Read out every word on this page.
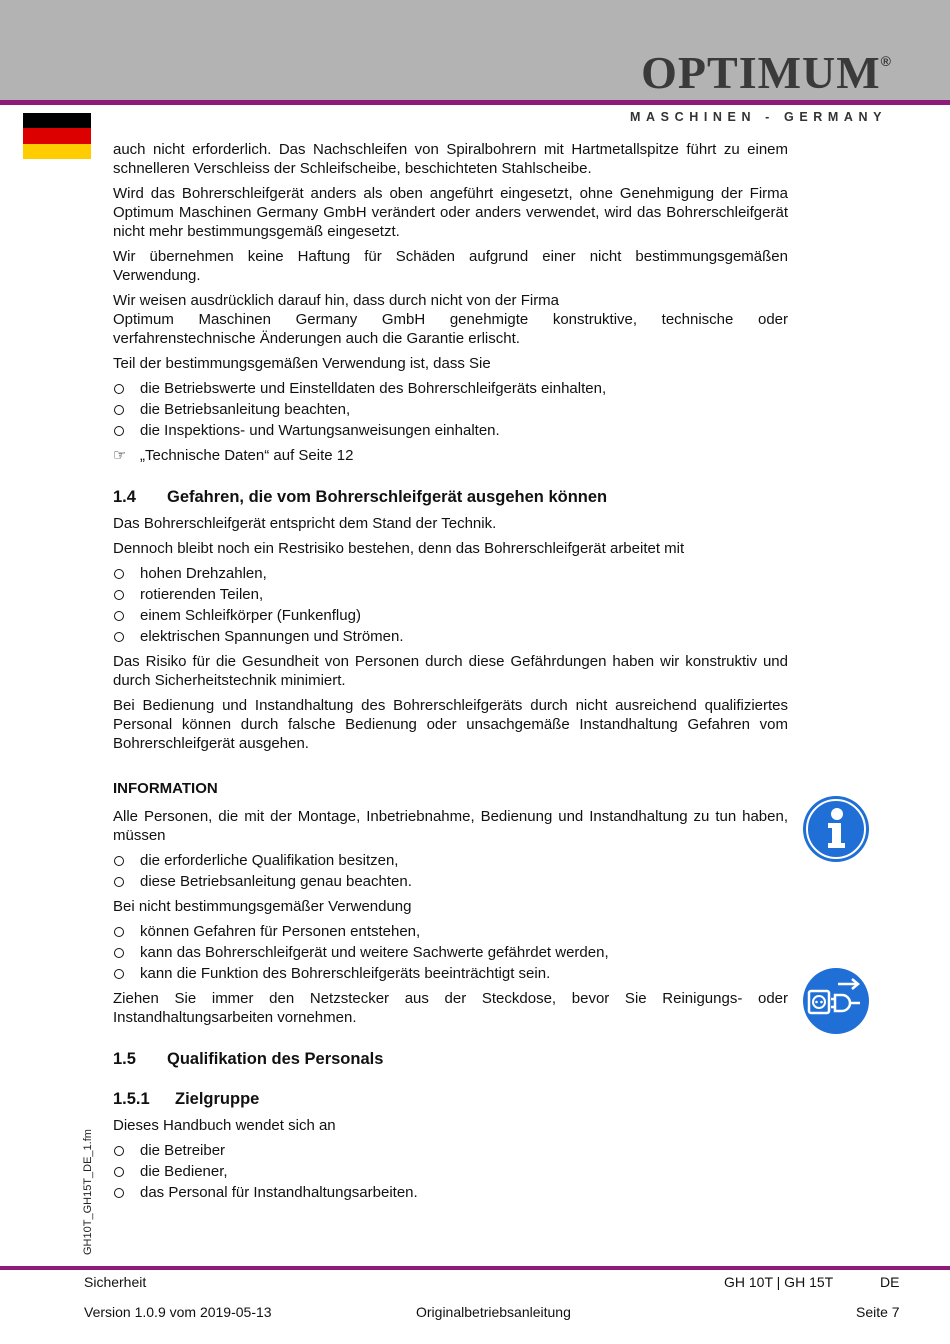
OPTIMUM®
MASCHINEN - GERMANY

auch nicht erforderlich. Das Nachschleifen von Spiralbohrern mit Hartmetallspitze führt zu einem schnelleren Verschleiss der Schleifscheibe, beschichteten Stahlscheibe.

Wird das Bohrerschleifgerät anders als oben angeführt eingesetzt, ohne Genehmigung der Firma Optimum Maschinen Germany GmbH verändert oder anders verwendet, wird das Bohrerschleifgerät nicht mehr bestimmungsgemäß eingesetzt.

Wir übernehmen keine Haftung für Schäden aufgrund einer nicht bestimmungsgemäßen Verwendung.

Wir weisen ausdrücklich darauf hin, dass durch nicht von der Firma

Optimum Maschinen Germany GmbH genehmigte konstruktive, technische oder verfahrenstechnische Änderungen auch die Garantie erlischt.

Teil der bestimmungsgemäßen Verwendung ist, dass Sie

die Betriebswerte und Einstelldaten des Bohrerschleifgeräts einhalten,
die Betriebsanleitung beachten,
die Inspektions- und Wartungsanweisungen einhalten.
☞ „Technische Daten“ auf Seite 12
1.4 Gefahren, die vom Bohrerschleifgerät ausgehen können

Das Bohrerschleifgerät entspricht dem Stand der Technik.

Dennoch bleibt noch ein Restrisiko bestehen, denn das Bohrerschleifgerät arbeitet mit

hohen Drehzahlen,
rotierenden Teilen,
einem Schleifkörper (Funkenflug)
elektrischen Spannungen und Strömen.

Das Risiko für die Gesundheit von Personen durch diese Gefährdungen haben wir konstruktiv und durch Sicherheitstechnik minimiert.

Bei Bedienung und Instandhaltung des Bohrerschleifgeräts durch nicht ausreichend qualifiziertes Personal können durch falsche Bedienung oder unsachgemäße Instandhaltung Gefahren vom Bohrerschleifgerät ausgehen.

INFORMATION

Alle Personen, die mit der Montage, Inbetriebnahme, Bedienung und Instandhaltung zu tun haben, müssen

die erforderliche Qualifikation besitzen,
diese Betriebsanleitung genau beachten.

Bei nicht bestimmungsgemäßer Verwendung

können Gefahren für Personen entstehen,
kann das Bohrerschleifgerät und weitere Sachwerte gefährdet werden,
kann die Funktion des Bohrerschleifgeräts beeinträchtigt sein.

Ziehen Sie immer den Netzstecker aus der Steckdose, bevor Sie Reinigungs- oder Instandhaltungsarbeiten vornehmen.

1.5 Qualifikation des Personals
1.5.1 Zielgruppe

Dieses Handbuch wendet sich an

die Betreiber
die Bediener,
das Personal für Instandhaltungsarbeiten.
GH10T_GH15T_DE_1.fm
Sicherheit	GH 10T | GH 15T	DE
Version 1.0.9 vom 2019-05-13	Originalbetriebsanleitung	Seite 7
